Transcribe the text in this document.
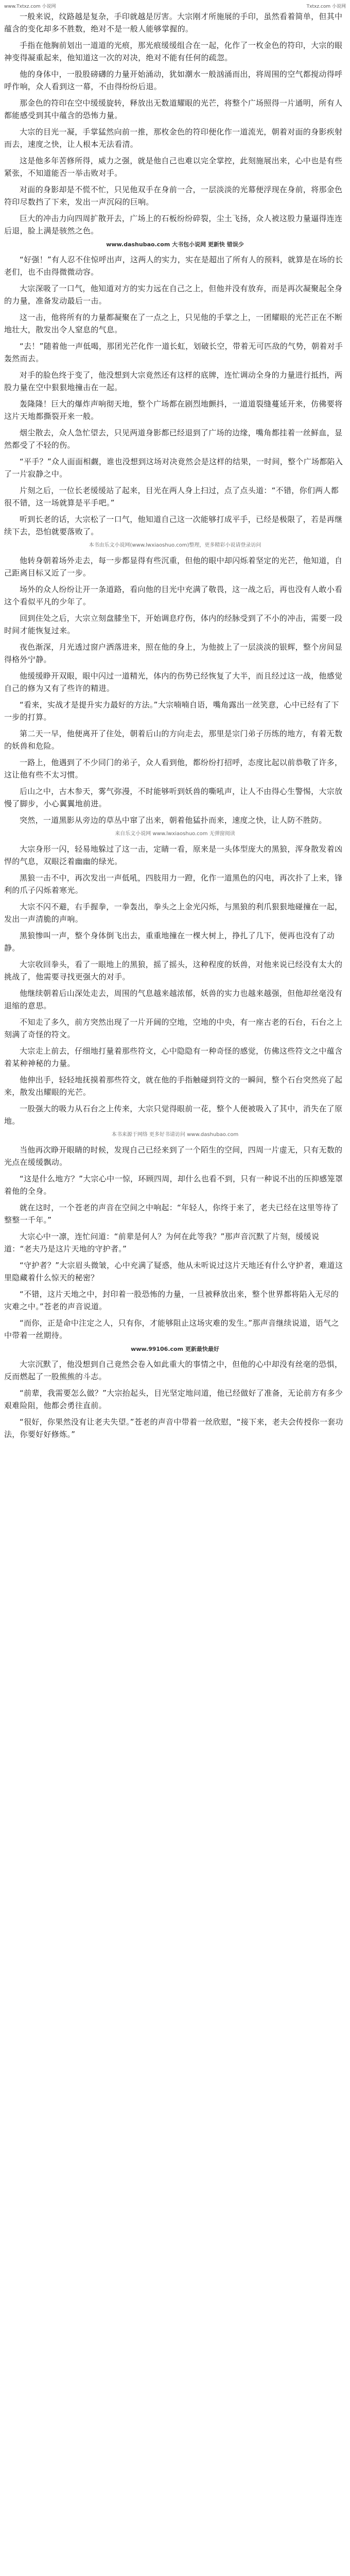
www.Txtxz.com 小说网	Txtxz.com 小说网

一般来说，纹路越是复杂，手印就越是厉害。大宗刚才所施展的手印，虽然看着简单，但其中蕴含的变化却多不胜数，绝对不是一般人能够掌握的。

手指在他胸前划出一道道的光痕，那光痕缓缓组合在一起，化作了一枚金色的符印，大宗的眼神变得凝重起来，他知道这一次的对决，绝对不能有任何的疏忽。

他的身体中，一股股磅礴的力量开始涌动，犹如潮水一般汹涌而出，将周围的空气都搅动得呼呼作响，众人看到这一幕，不由得纷纷后退。

那金色的符印在空中缓缓旋转，释放出无数道耀眼的光芒，将整个广场照得一片通明，所有人都能感受到其中蕴含的恐怖力量。

大宗的目光一凝，手掌猛然向前一推，那枚金色的符印便化作一道流光，朝着对面的身影疾射而去，速度之快，让人根本无法看清。

这是他多年苦修所得，威力之强，就是他自己也难以完全掌控，此刻施展出来，心中也是有些紧张，不知道能否一举击败对手。

对面的身影却是不慌不忙，只见他双手在身前一合，一层淡淡的光幕便浮现在身前，将那金色符印尽数挡了下来，发出一声沉闷的巨响。

巨大的冲击力向四周扩散开去，广场上的石板纷纷碎裂，尘土飞扬，众人被这股力量逼得连连后退，脸上满是骇然之色。

www.dashubao.com 大书包小说网 更新快 错误少

“好强！”有人忍不住惊呼出声，这两人的实力，实在是超出了所有人的预料，就算是在场的长老们，也不由得微微动容。

大宗深吸了一口气，他知道对方的实力远在自己之上，但他并没有放弃，而是再次凝聚起全身的力量，准备发动最后一击。

这一击，他将所有的力量都凝聚在了一点之上，只见他的手掌之上，一团耀眼的光芒正在不断地壮大，散发出令人窒息的气息。

“去！”随着他一声低喝，那团光芒化作一道长虹，划破长空，带着无可匹敌的气势，朝着对手轰然而去。

对手的脸色终于变了，他没想到大宗竟然还有这样的底牌，连忙调动全身的力量进行抵挡，两股力量在空中狠狠地撞击在一起。

轰隆隆！巨大的爆炸声响彻天地，整个广场都在剧烈地颤抖，一道道裂缝蔓延开来，仿佛要将这片天地都撕裂开来一般。

烟尘散去，众人急忙望去，只见两道身影都已经退到了广场的边缘，嘴角都挂着一丝鲜血，显然都受了不轻的伤。

“平手？”众人面面相觑，谁也没想到这场对决竟然会是这样的结果，一时间，整个广场都陷入了一片寂静之中。

片刻之后，一位长老缓缓站了起来，目光在两人身上扫过，点了点头道：“不错，你们两人都很不错，这一场就算是平手吧。”

听到长老的话，大宗松了一口气，他知道自己这一次能够打成平手，已经是极限了，若是再继续下去，恐怕就要落败了。

本书由乐文小说网(www.lwxiaoshuo.com)整理，更多精彩小说请登录访问

他转身朝着场外走去，每一步都显得有些沉重，但他的眼中却闪烁着坚定的光芒，他知道，自己距离目标又近了一步。

场外的众人纷纷让开一条道路，看向他的目光中充满了敬畏，这一战之后，再也没有人敢小看这个看似平凡的少年了。

回到住处之后，大宗立刻盘膝坐下，开始调息疗伤，体内的经脉受到了不小的冲击，需要一段时间才能恢复过来。

夜色渐深，月光透过窗户洒落进来，照在他的身上，为他披上了一层淡淡的银辉，整个房间显得格外宁静。

他缓缓睁开双眼，眼中闪过一道精光，体内的伤势已经恢复了大半，而且经过这一战，他感觉自己的修为又有了些许的精进。

“看来，实战才是提升实力最好的方法。”大宗喃喃自语，嘴角露出一丝笑意，心中已经有了下一步的打算。

第二天一早，他便离开了住处，朝着后山的方向走去，那里是宗门弟子历练的地方，有着无数的妖兽和危险。

一路上，他遇到了不少同门的弟子，众人看到他，都纷纷打招呼，态度比起以前恭敬了许多，这让他有些不太习惯。

后山之中，古木参天，雾气弥漫，不时能够听到妖兽的嘶吼声，让人不由得心生警惕，大宗放慢了脚步，小心翼翼地前进。

突然，一道黑影从旁边的草丛中窜了出来，朝着他猛扑而来，速度之快，让人防不胜防。

来自乐文小说网 www.lwxiaoshuo.com 无弹窗阅读

大宗身形一闪，轻易地躲过了这一击，定睛一看，原来是一头体型庞大的黑狼，浑身散发着凶悍的气息，双眼泛着幽幽的绿光。

黑狼一击不中，再次发出一声低吼，四肢用力一蹬，化作一道黑色的闪电，再次扑了上来，锋利的爪子闪烁着寒光。

大宗不闪不避，右手握拳，一拳轰出，拳头之上金光闪烁，与黑狼的利爪狠狠地碰撞在一起，发出一声清脆的声响。

黑狼惨叫一声，整个身体倒飞出去，重重地撞在一棵大树上，挣扎了几下，便再也没有了动静。

大宗收回拳头，看了一眼地上的黑狼，摇了摇头，这种程度的妖兽，对他来说已经没有太大的挑战了，他需要寻找更强大的对手。

他继续朝着后山深处走去，周围的气息越来越浓郁，妖兽的实力也越来越强，但他却丝毫没有退缩的意思。

不知走了多久，前方突然出现了一片开阔的空地，空地的中央，有一座古老的石台，石台之上刻满了奇怪的符文。

大宗走上前去，仔细地打量着那些符文，心中隐隐有一种奇怪的感觉，仿佛这些符文之中蕴含着某种神秘的力量。

他伸出手，轻轻地抚摸着那些符文，就在他的手指触碰到符文的一瞬间，整个石台突然亮了起来，散发出耀眼的光芒。

一股强大的吸力从石台之上传来，大宗只觉得眼前一花，整个人便被吸入了其中，消失在了原地。

本书来源于网络 更多好书请访问 www.dashubao.com

当他再次睁开眼睛的时候，发现自己已经来到了一个陌生的空间，四周一片虚无，只有无数的光点在缓缓飘动。

“这是什么地方？”大宗心中一惊，环顾四周，却什么也看不到，只有一种说不出的压抑感笼罩着他的全身。

就在这时，一个苍老的声音在空间之中响起：“年轻人，你终于来了，老夫已经在这里等待了整整一千年。”

大宗心中一凛，连忙问道：“前辈是何人？为何在此等我？”那声音沉默了片刻，缓缓说道：“老夫乃是这片天地的守护者。”

“守护者？”大宗眉头微皱，心中充满了疑惑，他从未听说过这片天地还有什么守护者，难道这里隐藏着什么惊天的秘密？

“不错，这片天地之中，封印着一股恐怖的力量，一旦被释放出来，整个世界都将陷入无尽的灾难之中。”苍老的声音说道。

“而你，正是命中注定之人，只有你，才能够阻止这场灾难的发生。”那声音继续说道，语气之中带着一丝期待。

www.99106.com 更新最快最好

大宗沉默了，他没想到自己竟然会卷入如此重大的事情之中，但他的心中却没有丝毫的恐惧，反而燃起了一股熊熊的斗志。

“前辈，我需要怎么做？”大宗抬起头，目光坚定地问道，他已经做好了准备，无论前方有多少艰难险阻，他都会勇往直前。

“很好，你果然没有让老夫失望。”苍老的声音中带着一丝欣慰，“接下来，老夫会传授你一套功法，你要好好修炼。”
